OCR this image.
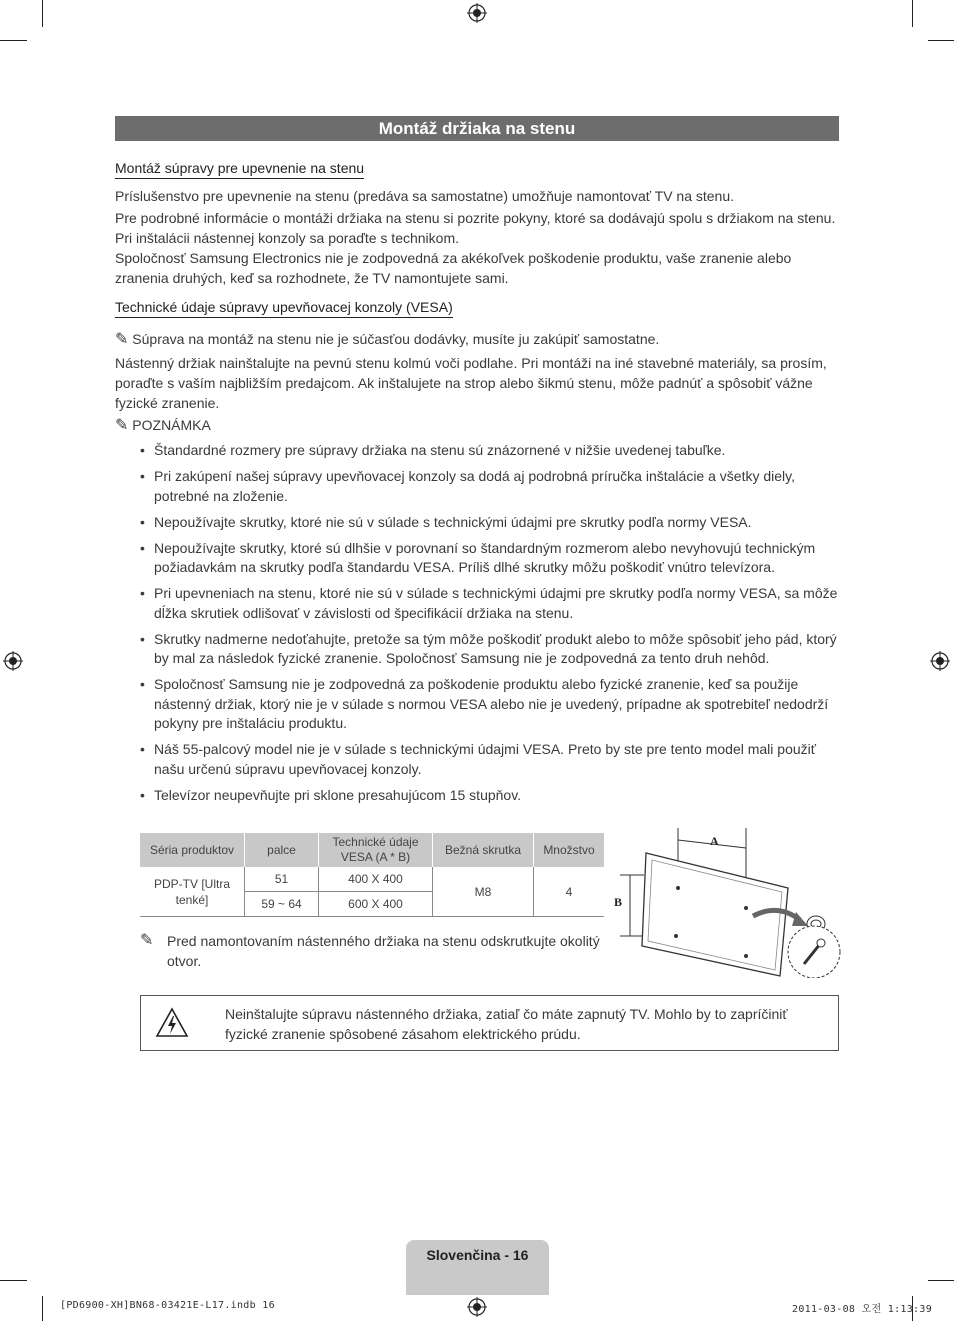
Montáž držiaka na stenu
Montáž súpravy pre upevnenie na stenu
Príslušenstvo pre upevnenie na stenu (predáva sa samostatne) umožňuje namontovať TV na stenu.
Pre podrobné informácie o montáži držiaka na stenu si pozrite pokyny, ktoré sa dodávajú spolu s držiakom na stenu. Pri inštalácii nástennej konzoly sa poraďte s technikom.
Spoločnosť Samsung Electronics nie je zodpovedná za akékoľvek poškodenie produktu, vaše zranenie alebo zranenia druhých, keď sa rozhodnete, že TV namontujete sami.
Technické údaje súpravy upevňovacej konzoly (VESA)
✎ Súprava na montáž na stenu nie je súčasťou dodávky, musíte ju zakúpiť samostatne.
Nástenný držiak nainštalujte na pevnú stenu kolmú voči podlahe. Pri montáži na iné stavebné materiály, sa prosím, poraďte s vaším najbližším predajcom. Ak inštalujete na strop alebo šikmú stenu, môže padnúť a spôsobiť vážne fyzické zranenie.
✎ POZNÁMKA
• Štandardné rozmery pre súpravy držiaka na stenu sú znázornené v nižšie uvedenej tabuľke.
• Pri zakúpení našej súpravy upevňovacej konzoly sa dodá aj podrobná príručka inštalácie a všetky diely, potrebné na zloženie.
• Nepoužívajte skrutky, ktoré nie sú v súlade s technickými údajmi pre skrutky podľa normy VESA.
• Nepoužívajte skrutky, ktoré sú dlhšie v porovnaní so štandardným rozmerom alebo nevyhovujú technickým požiadavkám na skrutky podľa štandardu VESA. Príliš dlhé skrutky môžu poškodiť vnútro televízora.
• Pri upevneniach na stenu, ktoré nie sú v súlade s technickými údajmi pre skrutky podľa normy VESA, sa môže dĺžka skrutiek odlišovať v závislosti od špecifikácií držiaka na stenu.
• Skrutky nadmerne nedoťahujte, pretože sa tým môže poškodiť produkt alebo to môže spôsobiť jeho pád, ktorý by mal za následok fyzické zranenie. Spoločnosť Samsung nie je zodpovedná za tento druh nehôd.
• Spoločnosť Samsung nie je zodpovedná za poškodenie produktu alebo fyzické zranenie, keď sa použije nástenný držiak, ktorý nie je v súlade s normou VESA alebo nie je uvedený, prípadne ak spotrebiteľ nedodrží pokyny pre inštaláciu produktu.
• Náš 55-palcový model nie je v súlade s technickými údajmi VESA. Preto by ste pre tento model mali použiť našu určenú súpravu upevňovacej konzoly.
• Televízor neupevňujte pri sklone presahujúcom 15 stupňov.
Séria produktov	palce	Technické údaje VESA (A * B)	Bežná skrutka	Množstvo
PDP-TV [Ultra tenké]	51	400 X 400	M8	4
	59 ~ 64	600 X 400		
A
B
✎ Pred namontovaním nástenného držiaka na stenu odskrutkujte okolitý otvor.
Neinštalujte súpravu nástenného držiaka, zatiaľ čo máte zapnutý TV. Mohlo by to zapríčiniť fyzické zranenie spôsobené zásahom elektrického prúdu.
Slovenčina - 16
[PD6900-XH]BN68-03421E-L17.indb 16	2011-03-08 오전 1:13:39
